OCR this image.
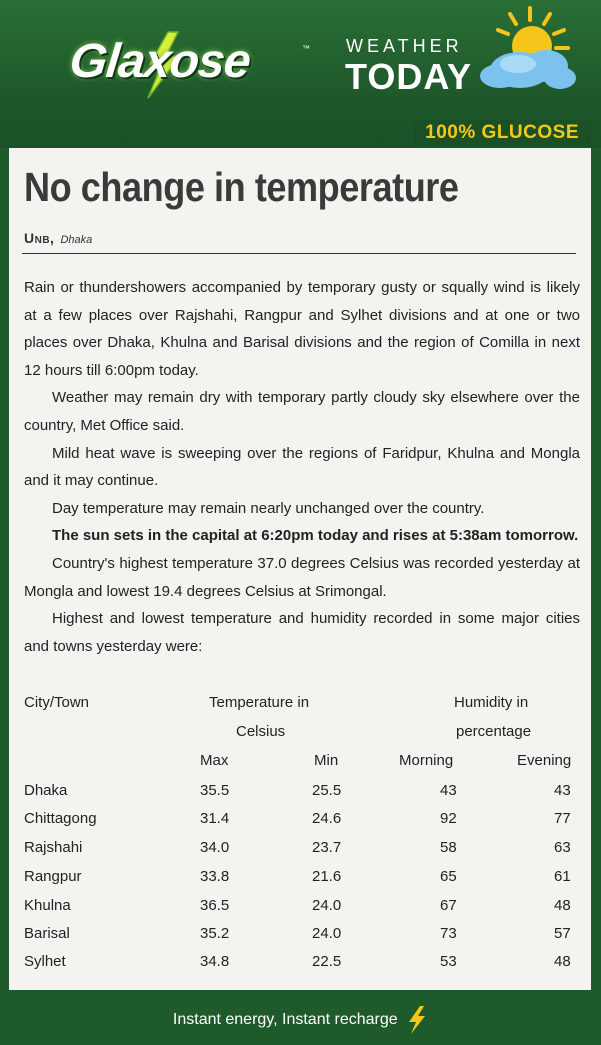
Glaxose	™ WEATHER
TODAY
100% GLUCOSE
No change in temperature
Unb, Dhaka

Rain or thundershowers accompanied by temporary gusty or squally wind is likely at a few places over Rajshahi, Rangpur and Sylhet divisions and at one or two places over Dhaka, Khulna and Barisal divisions and the region of Comilla in next 12 hours till 6:00pm today.

Weather may remain dry with temporary partly cloudy sky elsewhere over the country, Met Office said.

Mild heat wave is sweeping over the regions of Faridpur, Khulna and Mongla and it may continue.

Day temperature may remain nearly unchanged over the country.

The sun sets in the capital at 6:20pm today and rises at 5:38am tomorrow.

Country's highest temperature 37.0 degrees Celsius was recorded yesterday at Mongla and lowest 19.4 degrees Celsius at Srimongal.

Highest and lowest temperature and humidity recorded in some major cities and towns yesterday were:

City/Town	Temperature in
Celsius
Humidity in
percentage
Max	Min	Morning	Evening
Dhaka	35.5	25.5	43	43
Chittagong	31.4	24.6	92	77
Rajshahi	34.0	23.7	58	63
Rangpur	33.8	21.6	65	61
Khulna	36.5	24.0	67	48
Barisal	35.2	24.0	73	57
Sylhet	34.8	22.5	53	48
Instant energy, Instant recharge
